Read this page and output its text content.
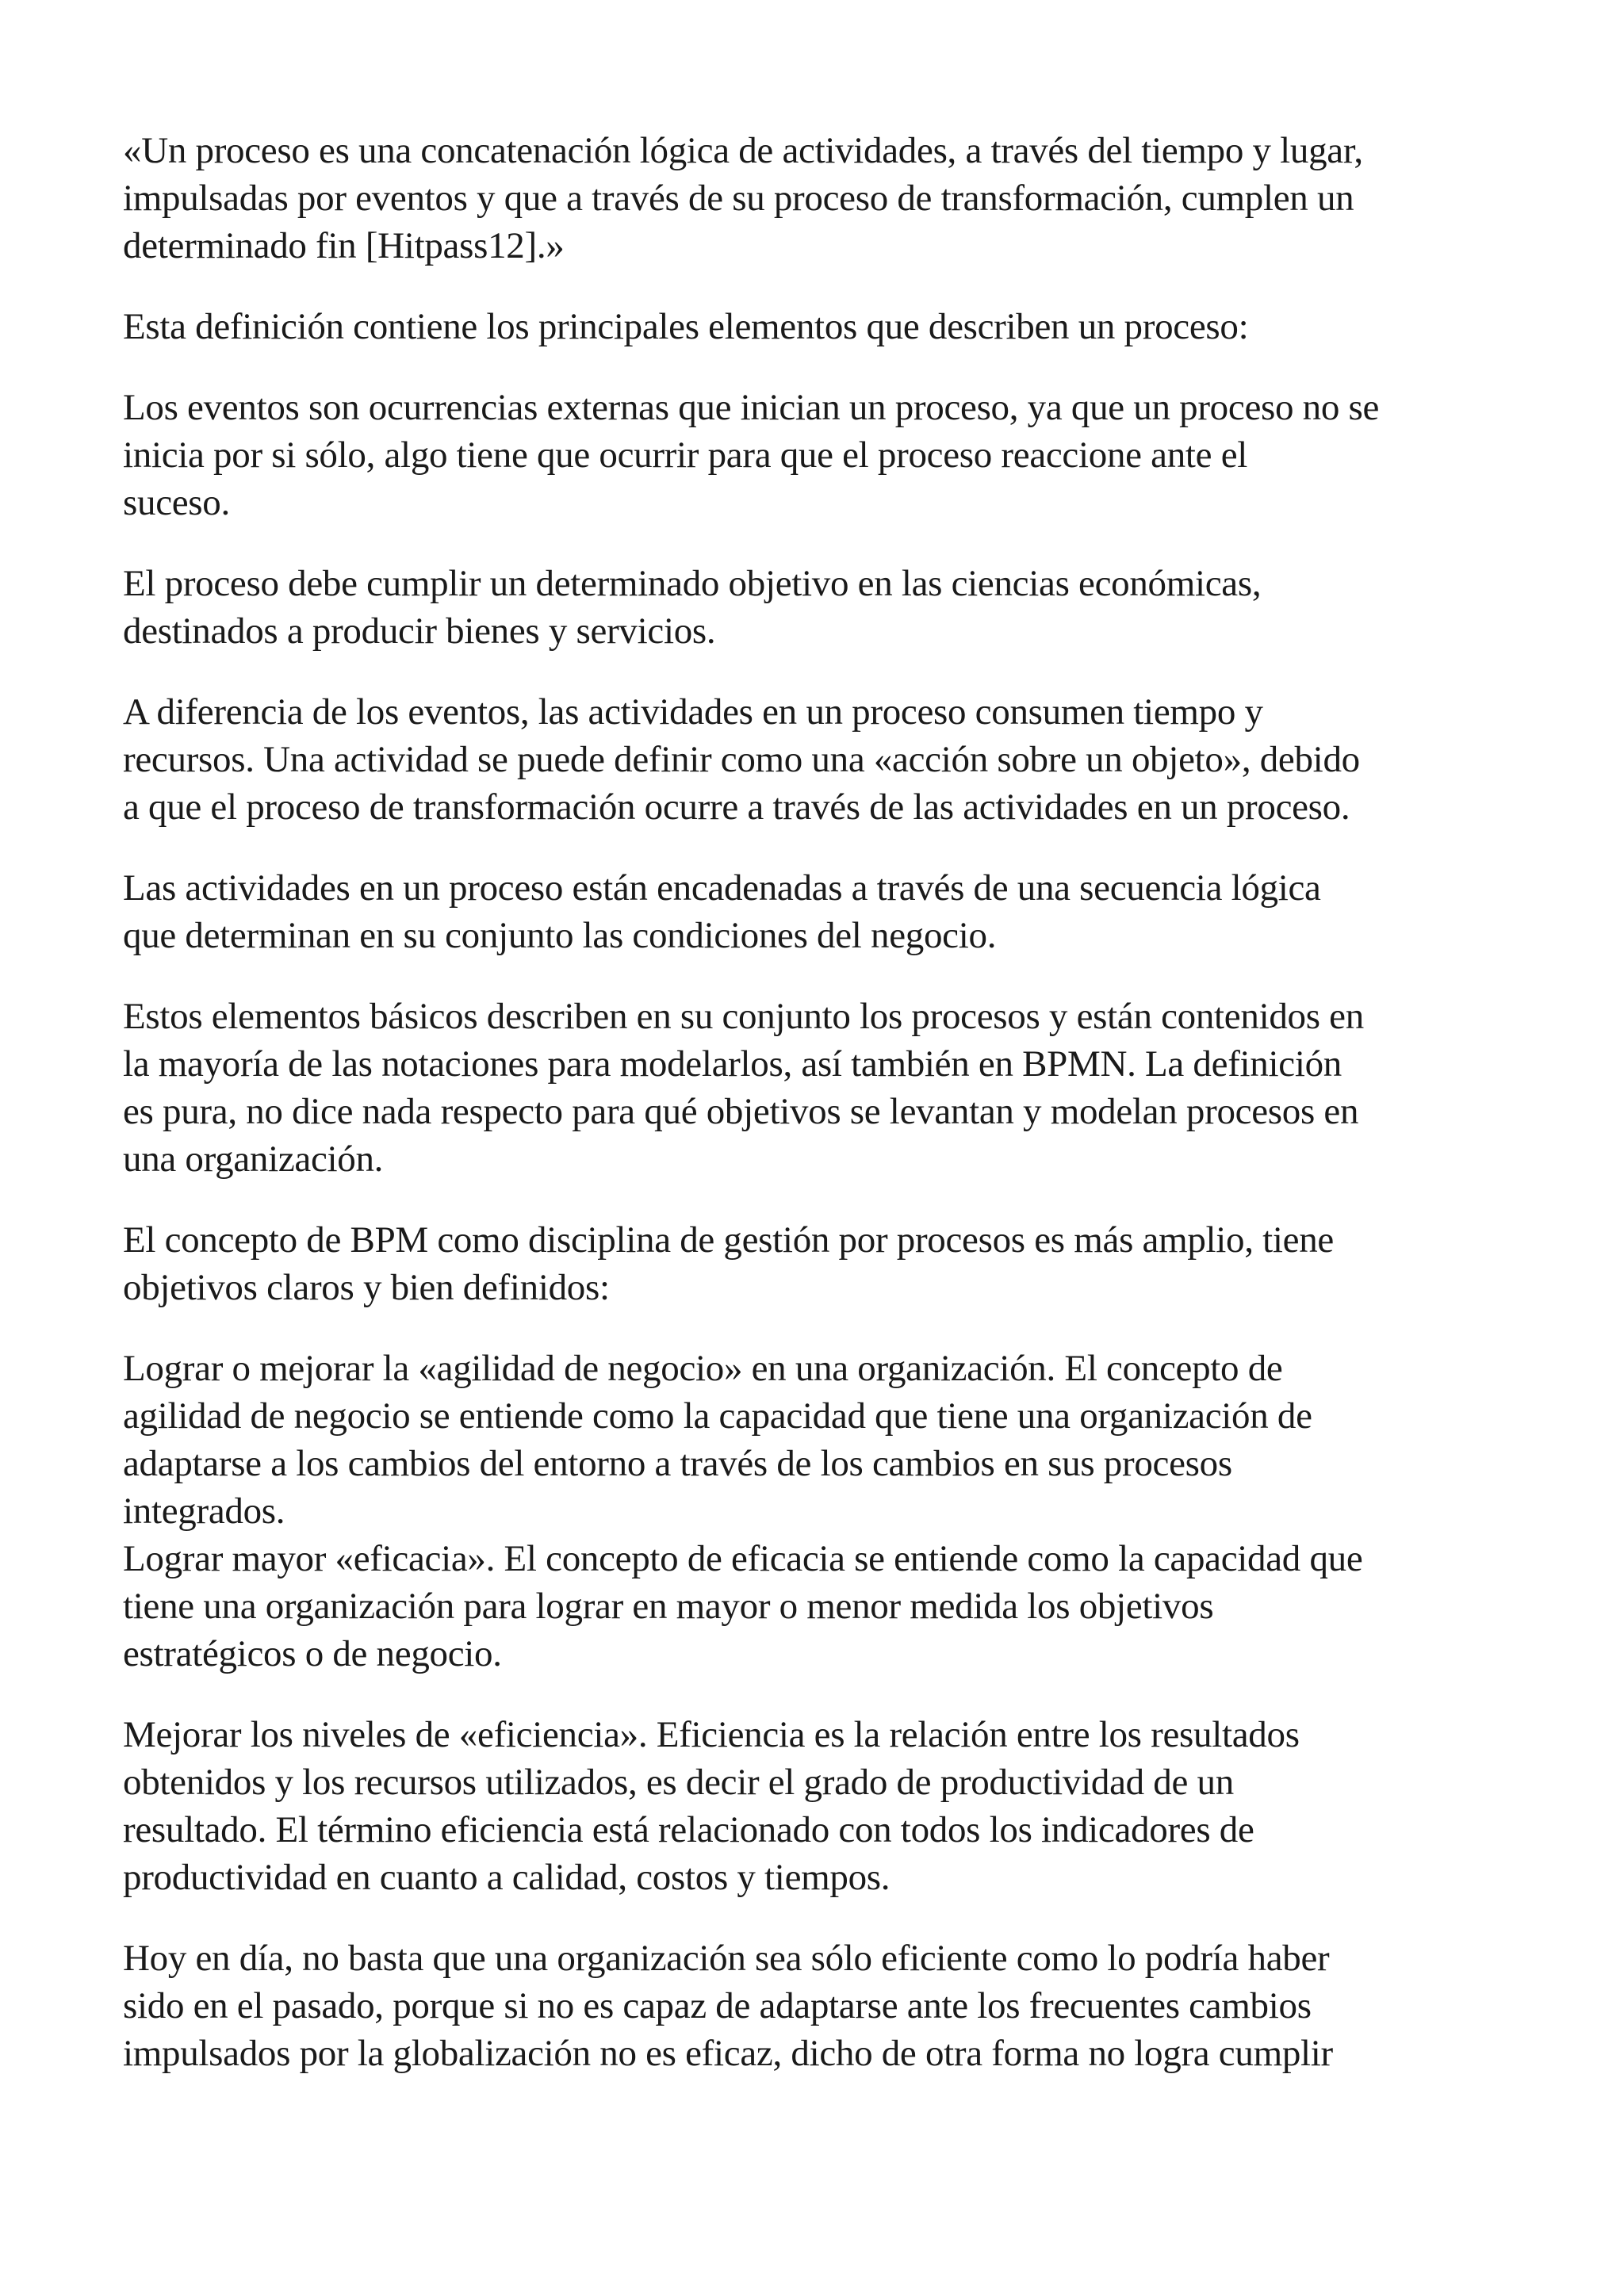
«Un proceso es una concatenación lógica de actividades, a través del tiempo y lugar,
impulsadas por eventos y que a través de su proceso de transformación, cumplen un
determinado fin [Hitpass12].»

Esta definición contiene los principales elementos que describen un proceso:

Los eventos son ocurrencias externas que inician un proceso, ya que un proceso no se
inicia por si sólo, algo tiene que ocurrir para que el proceso reaccione ante el
suceso.

El proceso debe cumplir un determinado objetivo en las ciencias económicas,
destinados a producir bienes y servicios.

A diferencia de los eventos, las actividades en un proceso consumen tiempo y
recursos. Una actividad se puede definir como una «acción sobre un objeto», debido
a que el proceso de transformación ocurre a través de las actividades en un proceso.

Las actividades en un proceso están encadenadas a través de una secuencia lógica
que determinan en su conjunto las condiciones del negocio.

Estos elementos básicos describen en su conjunto los procesos y están contenidos en
la mayoría de las notaciones para modelarlos, así también en BPMN. La definición
es pura, no dice nada respecto para qué objetivos se levantan y modelan procesos en
una organización.

El concepto de BPM como disciplina de gestión por procesos es más amplio, tiene
objetivos claros y bien definidos:

Lograr o mejorar la «agilidad de negocio» en una organización. El concepto de
agilidad de negocio se entiende como la capacidad que tiene una organización de
adaptarse a los cambios del entorno a través de los cambios en sus procesos
integrados.

Lograr mayor «eficacia». El concepto de eficacia se entiende como la capacidad que
tiene una organización para lograr en mayor o menor medida los objetivos
estratégicos o de negocio.

Mejorar los niveles de «eficiencia». Eficiencia es la relación entre los resultados
obtenidos y los recursos utilizados, es decir el grado de productividad de un
resultado. El término eficiencia está relacionado con todos los indicadores de
productividad en cuanto a calidad, costos y tiempos.

Hoy en día, no basta que una organización sea sólo eficiente como lo podría haber
sido en el pasado, porque si no es capaz de adaptarse ante los frecuentes cambios
impulsados por la globalización no es eficaz, dicho de otra forma no logra cumplir
